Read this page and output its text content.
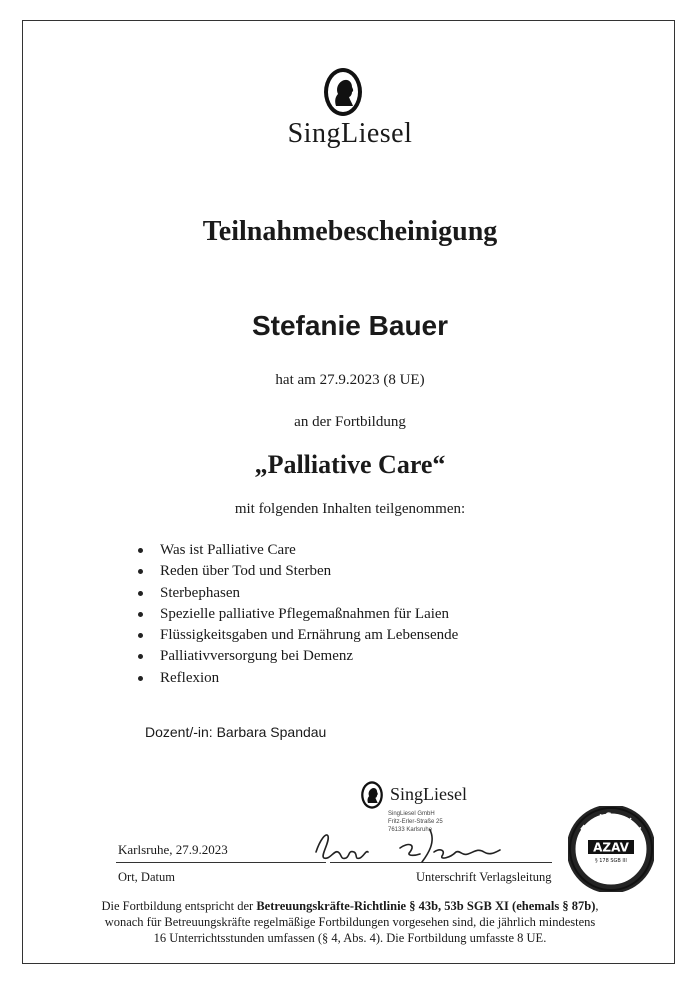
SingLiesel
Teilnahmebescheinigung
Stefanie Bauer
hat am 27.9.2023 (8 UE)
an der Fortbildung
„Palliative Care“
mit folgenden Inhalten teilgenommen:
Was ist Palliative Care
Reden über Tod und Sterben
Sterbephasen
Spezielle palliative Pflegemaßnahmen für Laien
Flüssigkeitsgaben und Ernährung am Lebensende
Palliativversorgung bei Demenz
Reflexion
Dozent/-in: Barbara Spandau
SingLiesel
SingLiesel GmbH
Fritz-Erler-Straße 25
76133 Karlsruhe
Karlsruhe, 27.9.2023
Ort, Datum	Unterschrift Verlagsleitung
ZertSozial
Zugelassener Träger
AZAV
§ 178 SGB III
Die Fortbildung entspricht der Betreuungskräfte-Richtlinie § 43b, 53b SGB XI (ehemals § 87b),
wonach für Betreuungskräfte regelmäßige Fortbildungen vorgesehen sind, die jährlich mindestens
16 Unterrichtsstunden umfassen (§ 4, Abs. 4). Die Fortbildung umfasste 8 UE.
